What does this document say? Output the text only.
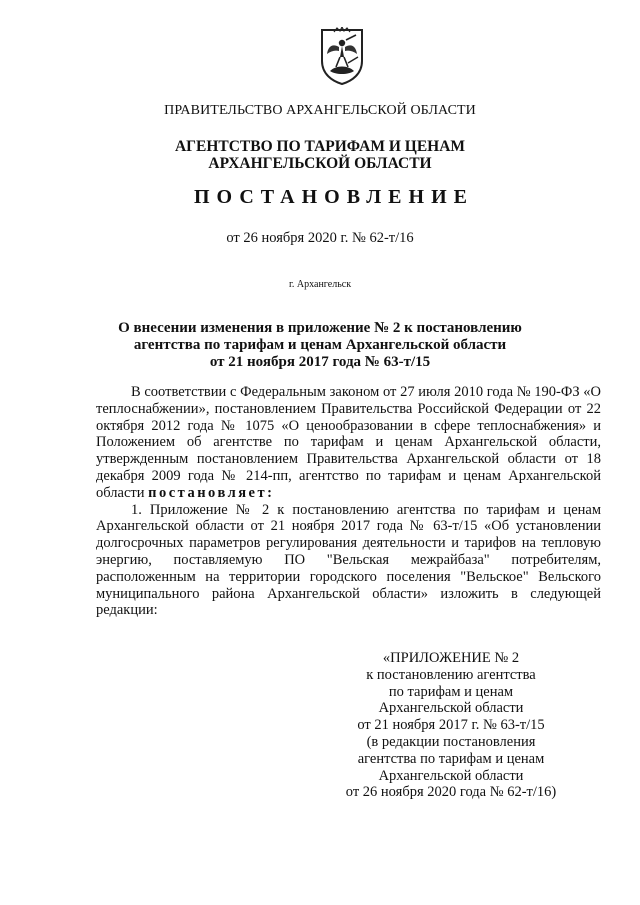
ПРАВИТЕЛЬСТВО АРХАНГЕЛЬСКОЙ ОБЛАСТИ
АГЕНТСТВО ПО ТАРИФАМ И ЦЕНАМ
АРХАНГЕЛЬСКОЙ ОБЛАСТИ
ПОСТАНОВЛЕНИЕ
от 26 ноября 2020 г. № 62-т/16
г. Архангельск
О внесении изменения в приложение № 2 к постановлению
агентства по тарифам и ценам Архангельской области
от 21 ноября 2017 года № 63-т/15

В соответствии с Федеральным законом от 27 июля 2010 года № 190-ФЗ «О теплоснабжении», постановлением Правительства Российской Федерации от 22 октября 2012 года № 1075 «О ценообразовании в сфере теплоснабжения» и Положением об агентстве по тарифам и ценам Архангельской области, утвержденным постановлением Правительства Архангельской области от 18 декабря 2009 года № 214-пп, агентство по тарифам и ценам Архангельской области постановляет:

1. Приложение № 2 к постановлению агентства по тарифам и ценам Архангельской области от 21 ноября 2017 года № 63-т/15 «Об установлении долгосрочных параметров регулирования деятельности и тарифов на тепловую энергию, поставляемую ПО "Вельская межрайбаза" потребителям, расположенным на территории городского поселения "Вельское" Вельского муниципального района Архангельской области» изложить в следующей редакции:

«ПРИЛОЖЕНИЕ № 2
к постановлению агентства
по тарифам и ценам
Архангельской области
от 21 ноября 2017 г. № 63-т/15
(в редакции постановления
агентства по тарифам и ценам
Архангельской области
от 26 ноября 2020 года № 62-т/16)
